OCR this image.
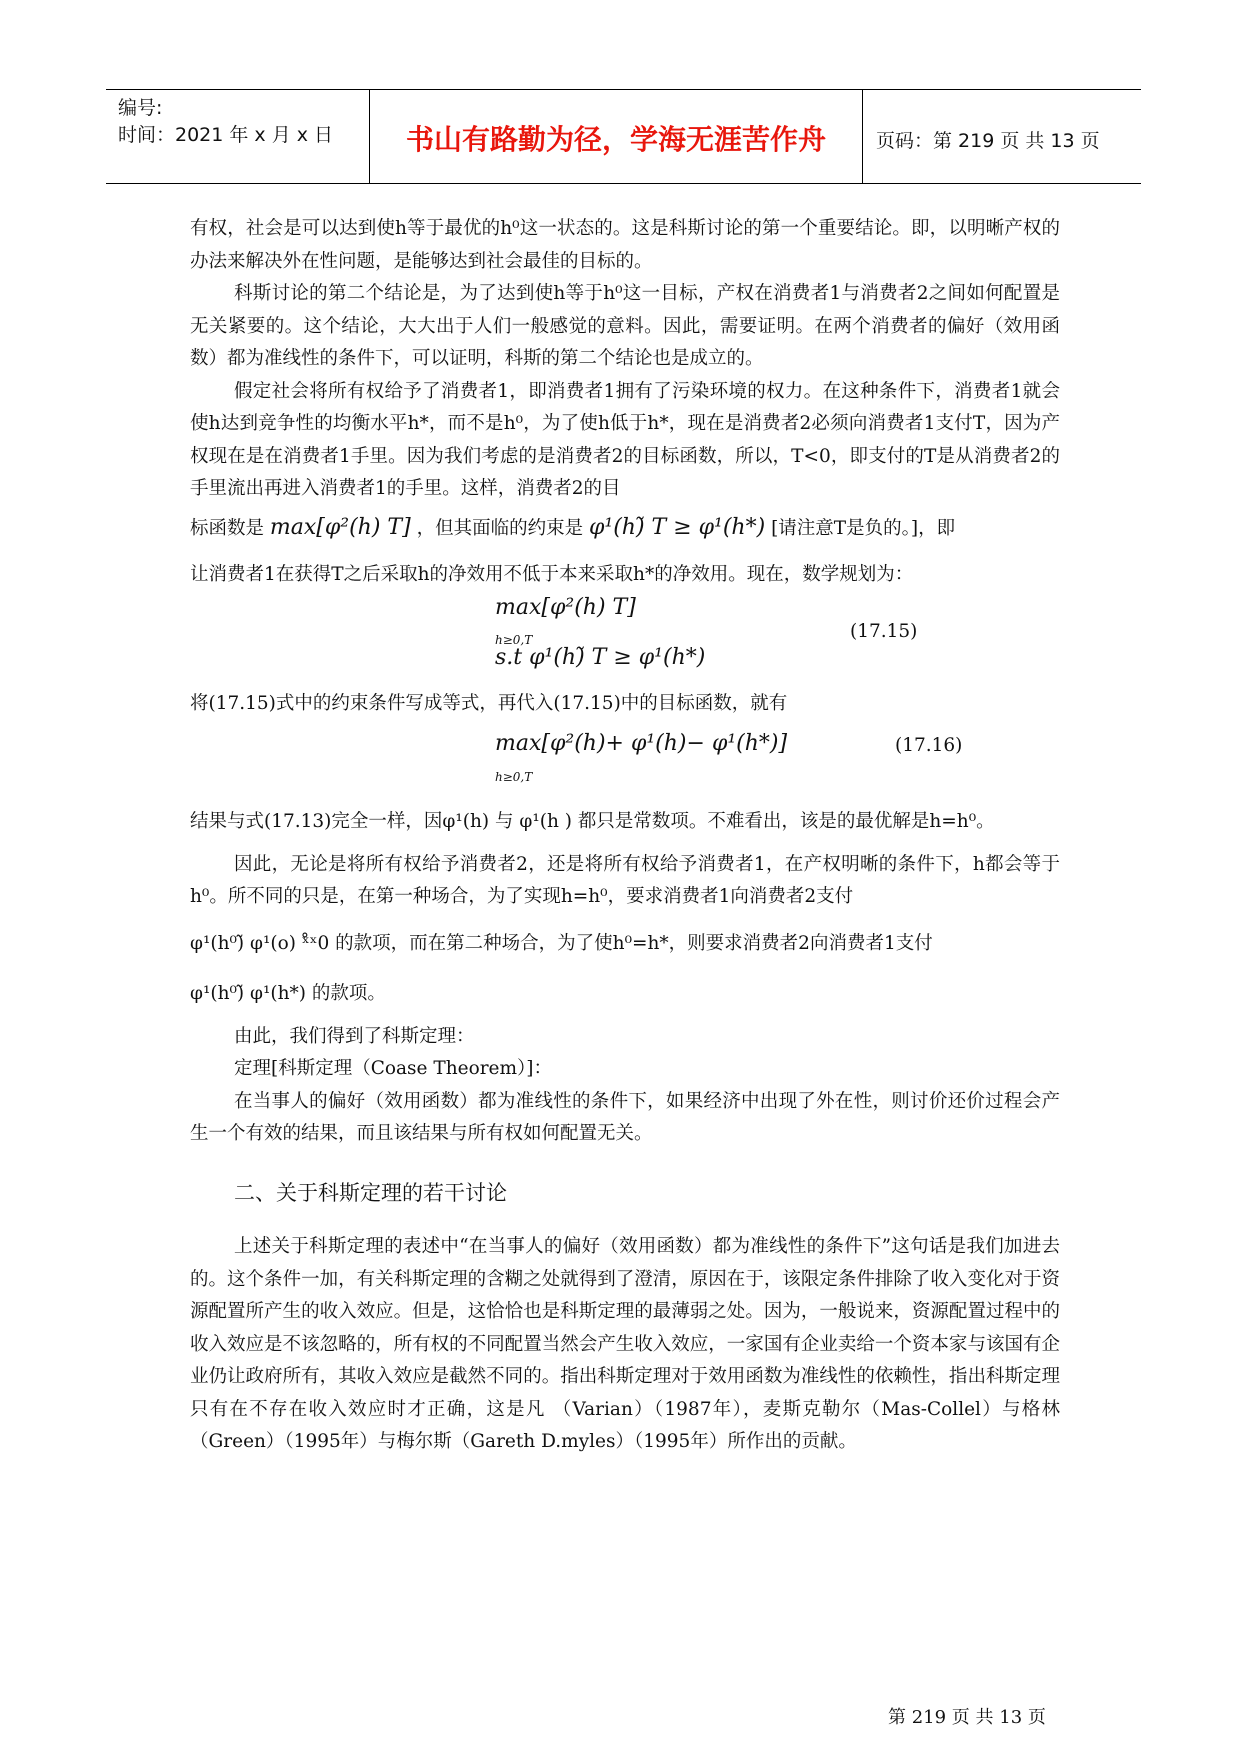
编号:
时间：2021 年 x 月 x 日	书山有路勤为径，学海无涯苦作舟	页码：第 219 页 共 13 页

有权，社会是可以达到使h等于最优的h⁰这一状态的。这是科斯讨论的第一个重要结论。即，以明晰产权的办法来解决外在性问题，是能够达到社会最佳的目标的。

科斯讨论的第二个结论是，为了达到使h等于h⁰这一目标，产权在消费者1与消费者2之间如何配置是无关紧要的。这个结论，大大出于人们一般感觉的意料。因此，需要证明。在两个消费者的偏好（效用函数）都为准线性的条件下，可以证明，科斯的第二个结论也是成立的。

假定社会将所有权给予了消费者1，即消费者1拥有了污染环境的权力。在这种条件下，消费者1就会使h达到竞争性的均衡水平h*，而不是h⁰，为了使h低于h*，现在是消费者2必须向消费者1支付T，因为产权现在是在消费者1手里。因为我们考虑的是消费者2的目标函数，所以，T<0，即支付的T是从消费者2的手里流出再进入消费者1的手里。这样，消费者2的目

标函数是 max[φ²(h) T] ，但其面临的约束是 φ¹(h)̃ T ≥ φ¹(h*) [请注意T是负的。]，即

让消费者1在获得T之后采取h的净效用不低于本来采取h*的净效用。现在，数学规划为：

max[φ²(h) T]
h≥0,T
s.t φ¹(h)̃ T ≥ φ¹(h*)
(17.15)

将(17.15)式中的约束条件写成等式，再代入(17.15)中的目标函数，就有

max[φ²(h)+ φ¹(h)− φ¹(h*)]
h≥0,T
(17.16)

结果与式(17.13)完全一样，因φ¹(h) 与 φ¹(h ) 都只是常数项。不难看出，该是的最优解是h=h⁰。

因此，无论是将所有权给予消费者2，还是将所有权给予消费者1，在产权明晰的条件下，h都会等于h⁰。所不同的只是，在第一种场合，为了实现h=h⁰，要求消费者1向消费者2支付

φ¹(h⁰)̃ φ¹(o) ˣ̊ˣ0 的款项，而在第二种场合，为了使h⁰=h*，则要求消费者2向消费者1支付

φ¹(h⁰)̃ φ¹(h*) 的款项。

由此，我们得到了科斯定理：

定理[科斯定理（Coase Theorem）]：

在当事人的偏好（效用函数）都为准线性的条件下，如果经济中出现了外在性，则讨价还价过程会产生一个有效的结果，而且该结果与所有权如何配置无关。

二、关于科斯定理的若干讨论

上述关于科斯定理的表述中“在当事人的偏好（效用函数）都为准线性的条件下”这句话是我们加进去的。这个条件一加，有关科斯定理的含糊之处就得到了澄清，原因在于，该限定条件排除了收入变化对于资源配置所产生的收入效应。但是，这恰恰也是科斯定理的最薄弱之处。因为，一般说来，资源配置过程中的收入效应是不该忽略的，所有权的不同配置当然会产生收入效应，一家国有企业卖给一个资本家与该国有企业仍让政府所有，其收入效应是截然不同的。指出科斯定理对于效用函数为准线性的依赖性，指出科斯定理只有在不存在收入效应时才正确，这是凡 （Varian）（1987年），麦斯克勒尔（Mas-Collel）与格林（Green）（1995年）与梅尔斯（Gareth D.myles）（1995年）所作出的贡献。

第 219 页 共 13 页
